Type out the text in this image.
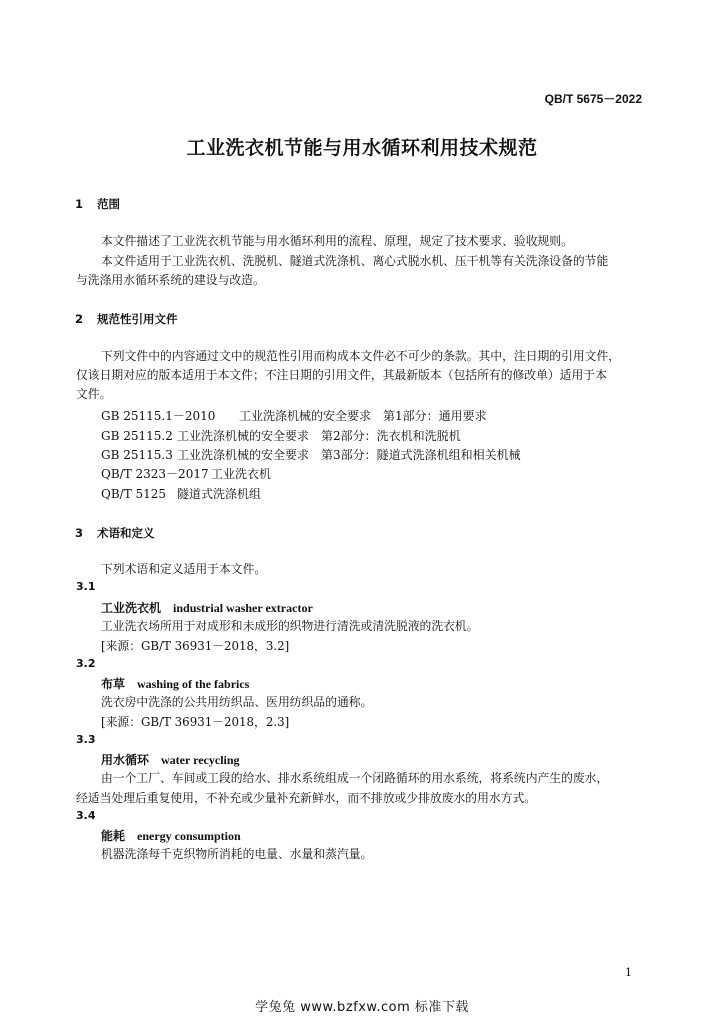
QB/T 5675－2022
工业洗衣机节能与用水循环利用技术规范
1 范围
本文件描述了工业洗衣机节能与用水循环利用的流程、原理，规定了技术要求、验收规则。
本文件适用于工业洗衣机、洗脱机、隧道式洗涤机、离心式脱水机、压干机等有关洗涤设备的节能
与洗涤用水循环系统的建设与改造。
2 规范性引用文件
下列文件中的内容通过文中的规范性引用而构成本文件必不可少的条款。其中，注日期的引用文件，
仅该日期对应的版本适用于本文件；不注日期的引用文件，其最新版本（包括所有的修改单）适用于本
文件。
GB 25115.1－2010 工业洗涤机械的安全要求　第1部分：通用要求
GB 25115.2 工业洗涤机械的安全要求　第2部分：洗衣机和洗脱机
GB 25115.3 工业洗涤机械的安全要求　第3部分：隧道式洗涤机组和相关机械
QB/T 2323－2017 工业洗衣机
QB/T 5125 隧道式洗涤机组
3 术语和定义
下列术语和定义适用于本文件。
3.1
工业洗衣机 industrial washer extractor
工业洗衣场所用于对成形和未成形的织物进行清洗或清洗脱液的洗衣机。
[来源：GB/T 36931－2018，3.2]
3.2
布草 washing of the fabrics
洗衣房中洗涤的公共用纺织品、医用纺织品的通称。
[来源：GB/T 36931－2018，2.3]
3.3
用水循环 water recycling
由一个工厂、车间或工段的给水、排水系统组成一个闭路循环的用水系统，将系统内产生的废水，
经适当处理后重复使用，不补充或少量补充新鲜水，而不排放或少排放废水的用水方式。
3.4
能耗 energy consumption
机器洗涤每千克织物所消耗的电量、水量和蒸汽量。
1
学兔兔 www.bzfxw.com 标准下载
